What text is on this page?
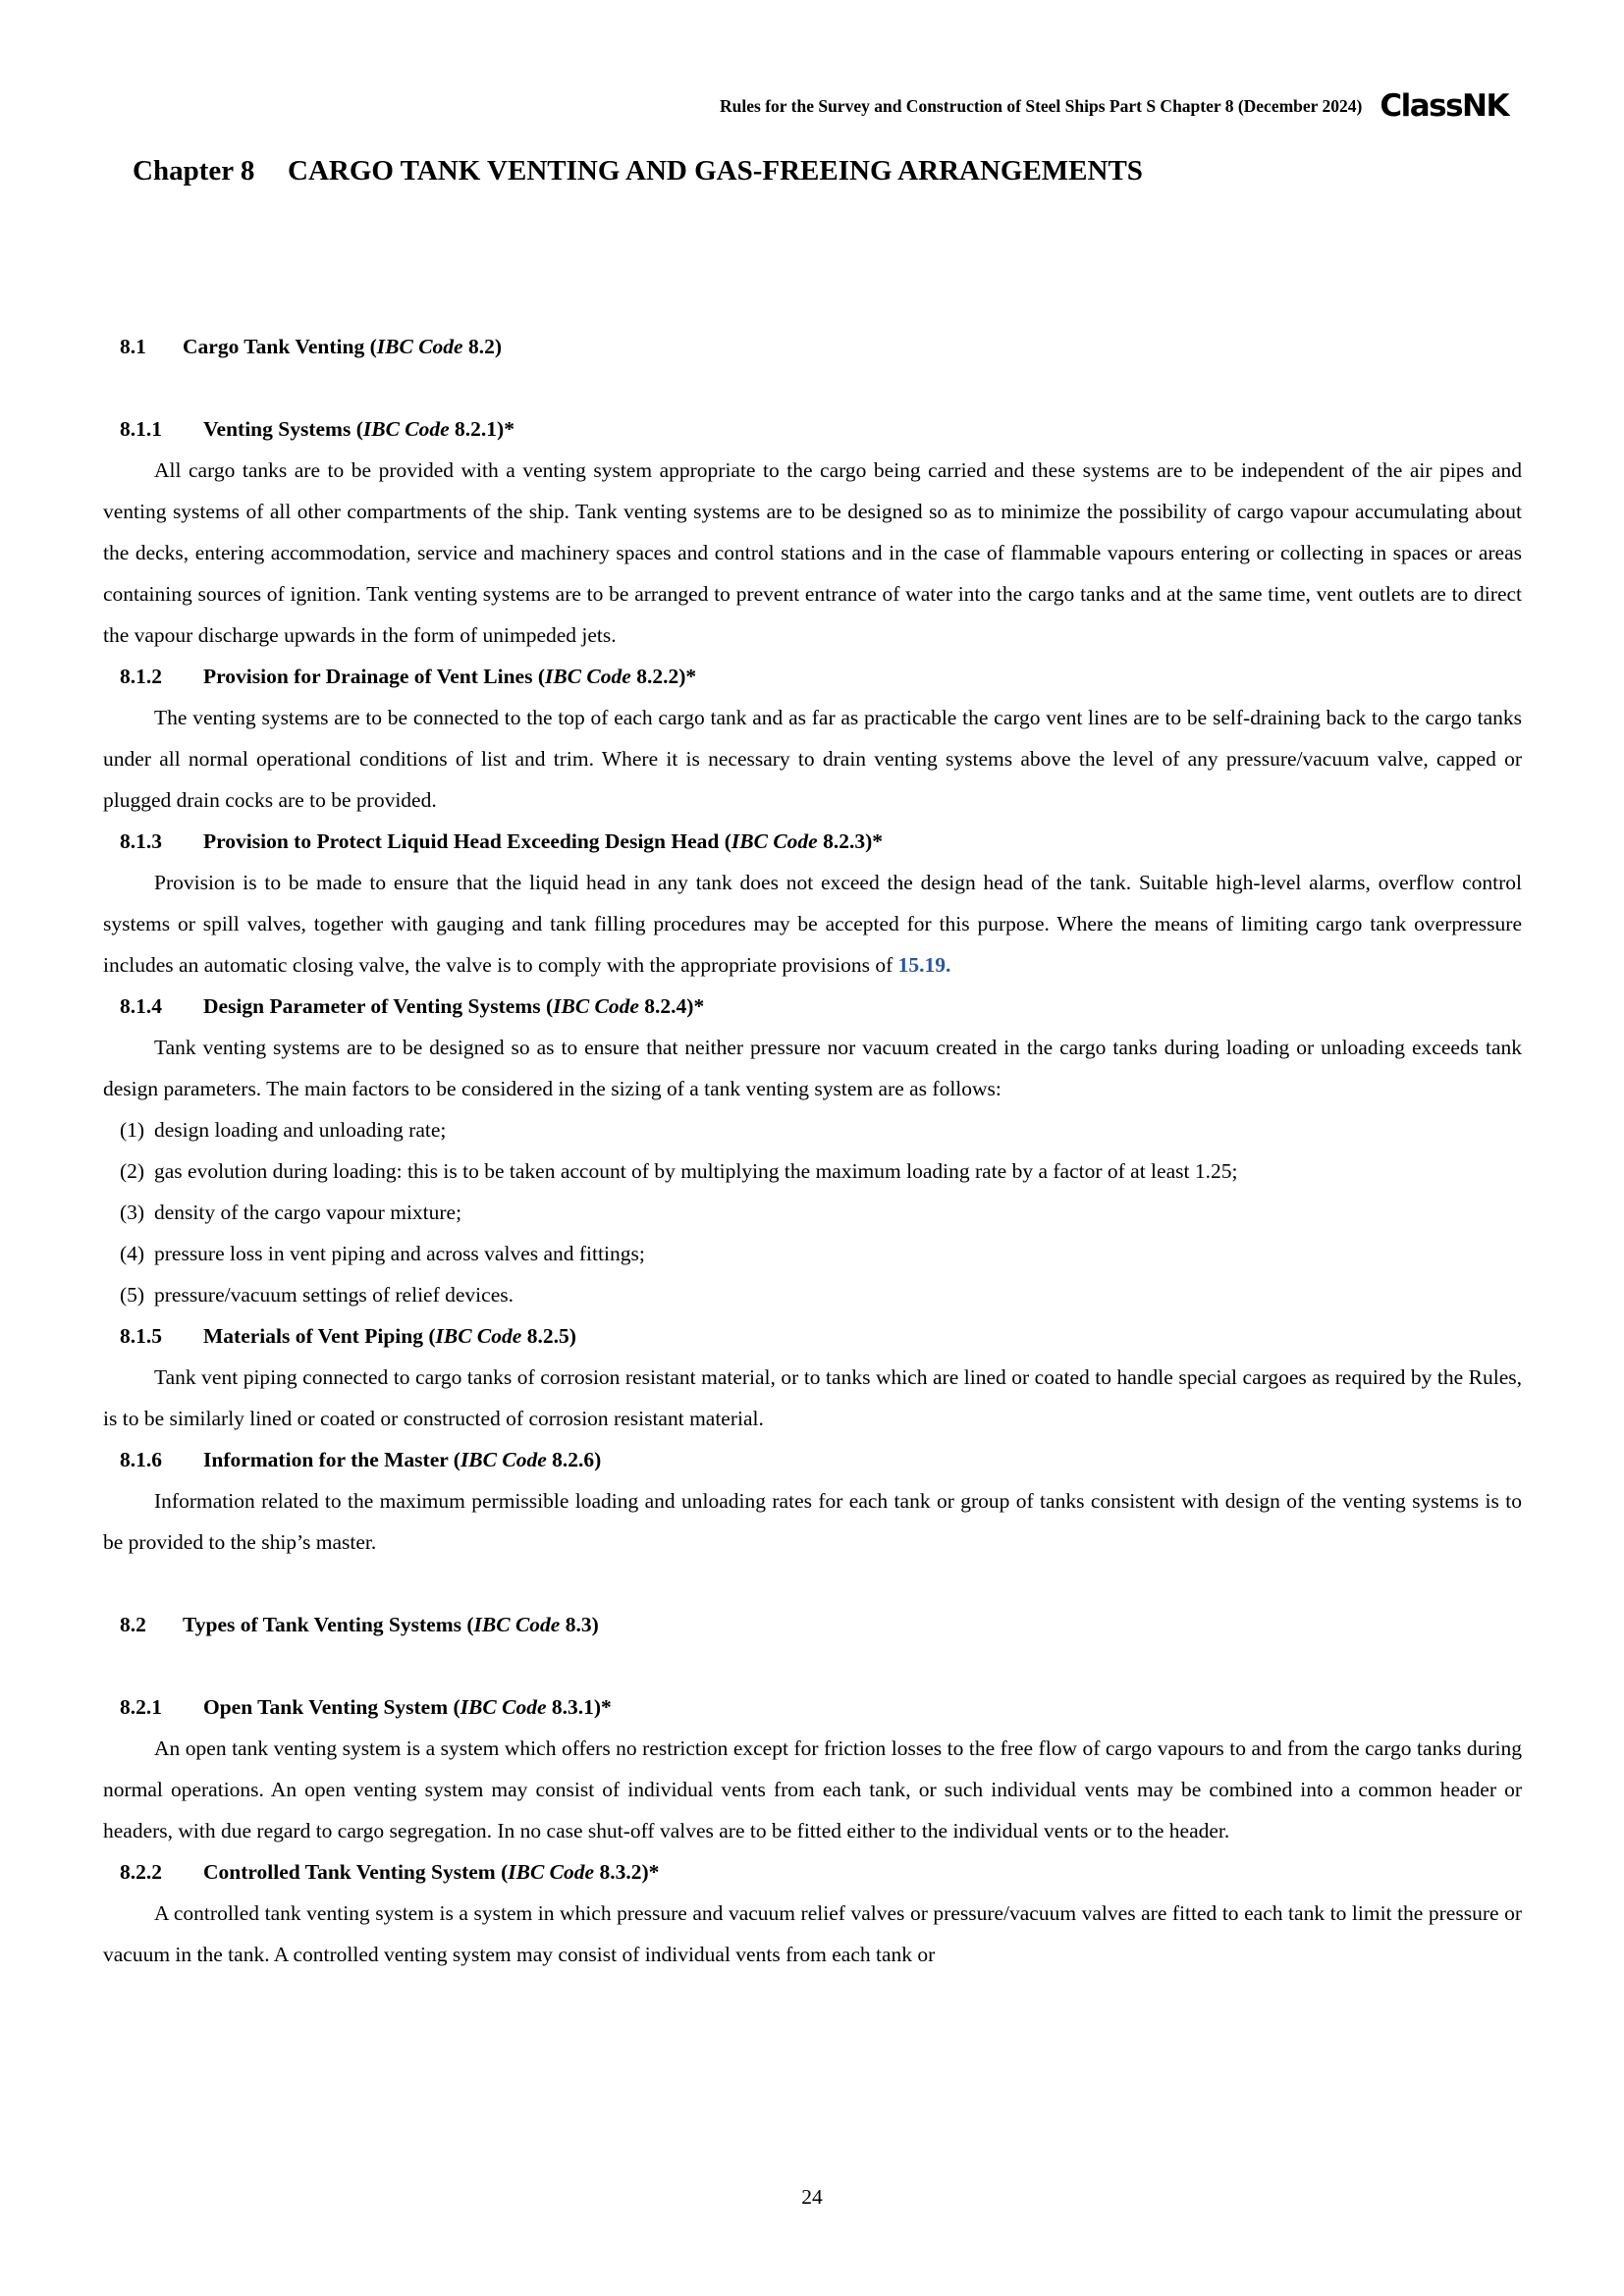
Rules for the Survey and Construction of Steel Ships Part S Chapter 8 (December 2024) ClassNK
Chapter 8 CARGO TANK VENTING AND GAS-FREEING ARRANGEMENTS
8.1 Cargo Tank Venting (IBC Code 8.2)
8.1.1 Venting Systems (IBC Code 8.2.1)*

All cargo tanks are to be provided with a venting system appropriate to the cargo being carried and these systems are to be independent of the air pipes and venting systems of all other compartments of the ship. Tank venting systems are to be designed so as to minimize the possibility of cargo vapour accumulating about the decks, entering accommodation, service and machinery spaces and control stations and in the case of flammable vapours entering or collecting in spaces or areas containing sources of ignition. Tank venting systems are to be arranged to prevent entrance of water into the cargo tanks and at the same time, vent outlets are to direct the vapour discharge upwards in the form of unimpeded jets.

8.1.2 Provision for Drainage of Vent Lines (IBC Code 8.2.2)*

The venting systems are to be connected to the top of each cargo tank and as far as practicable the cargo vent lines are to be self-draining back to the cargo tanks under all normal operational conditions of list and trim. Where it is necessary to drain venting systems above the level of any pressure/vacuum valve, capped or plugged drain cocks are to be provided.

8.1.3 Provision to Protect Liquid Head Exceeding Design Head (IBC Code 8.2.3)*

Provision is to be made to ensure that the liquid head in any tank does not exceed the design head of the tank. Suitable high-level alarms, overflow control systems or spill valves, together with gauging and tank filling procedures may be accepted for this purpose. Where the means of limiting cargo tank overpressure includes an automatic closing valve, the valve is to comply with the appropriate provisions of 15.19.

8.1.4 Design Parameter of Venting Systems (IBC Code 8.2.4)*

Tank venting systems are to be designed so as to ensure that neither pressure nor vacuum created in the cargo tanks during loading or unloading exceeds tank design parameters. The main factors to be considered in the sizing of a tank venting system are as follows:

(1) design loading and unloading rate;
(2) gas evolution during loading: this is to be taken account of by multiplying the maximum loading rate by a factor of at least 1.25;
(3) density of the cargo vapour mixture;
(4) pressure loss in vent piping and across valves and fittings;
(5) pressure/vacuum settings of relief devices.
8.1.5 Materials of Vent Piping (IBC Code 8.2.5)

Tank vent piping connected to cargo tanks of corrosion resistant material, or to tanks which are lined or coated to handle special cargoes as required by the Rules, is to be similarly lined or coated or constructed of corrosion resistant material.

8.1.6 Information for the Master (IBC Code 8.2.6)

Information related to the maximum permissible loading and unloading rates for each tank or group of tanks consistent with design of the venting systems is to be provided to the ship’s master.

8.2 Types of Tank Venting Systems (IBC Code 8.3)
8.2.1 Open Tank Venting System (IBC Code 8.3.1)*

An open tank venting system is a system which offers no restriction except for friction losses to the free flow of cargo vapours to and from the cargo tanks during normal operations. An open venting system may consist of individual vents from each tank, or such individual vents may be combined into a common header or headers, with due regard to cargo segregation. In no case shut-off valves are to be fitted either to the individual vents or to the header.

8.2.2 Controlled Tank Venting System (IBC Code 8.3.2)*

A controlled tank venting system is a system in which pressure and vacuum relief valves or pressure/vacuum valves are fitted to each tank to limit the pressure or vacuum in the tank. A controlled venting system may consist of individual vents from each tank or

24
